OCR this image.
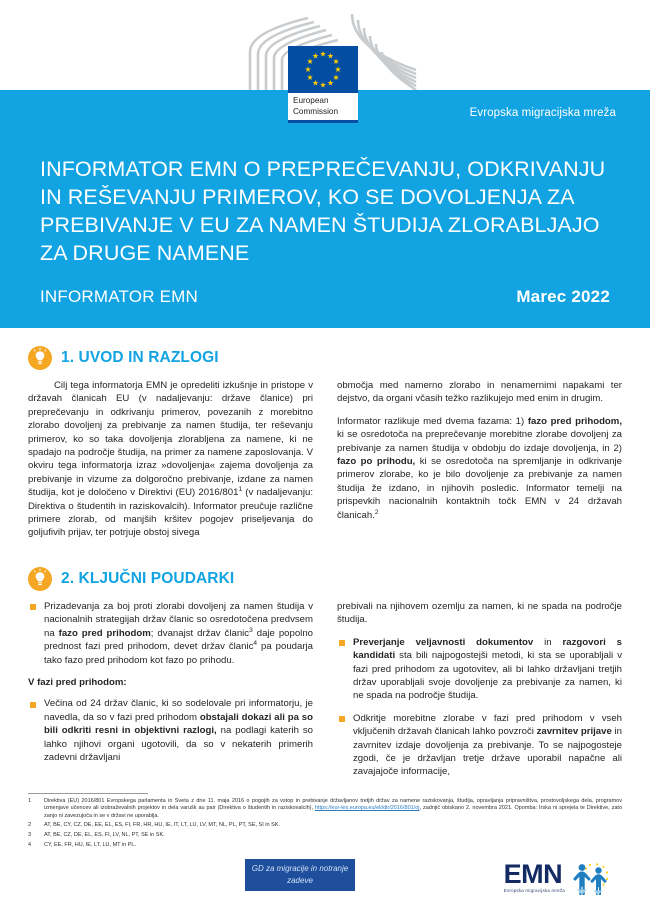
European
Commission	Evropska migracijska mreža
INFORMATOR EMN O PREPREČEVANJU, ODKRIVANJU IN REŠEVANJU PRIMEROV, KO SE DOVOLJENJA ZA PREBIVANJE V EU ZA NAMEN ŠTUDIJA ZLORABLJAJO ZA DRUGE NAMENE
INFORMATOR EMN	Marec 2022
1. UVOD IN RAZLOGI

Cilj tega informatorja EMN je opredeliti izkušnje in pristope v državah članicah EU (v nadaljevanju: države članice) pri preprečevanju in odkrivanju primerov, povezanih z morebitno zlorabo dovoljenj za prebivanje za namen študija, ter reševanju primerov, ko so taka dovoljenja zlorabljena za namene, ki ne spadajo na področje študija, na primer za namene zaposlovanja. V okviru tega informatorja izraz »dovoljenja« zajema dovoljenja za prebivanje in vizume za dolgoročno prebivanje, izdane za namen študija, kot je določeno v Direktivi (EU) $2016/801^1$ (v nadaljevanju: Direktiva o študentih in raziskovalcih). Informator preučuje različne primere zlorab, od manjših kršitev pogojev priseljevanja do goljufivih prijav, ter potrjuje obstoj sivega

območja med namerno zlorabo in nenamernimi napakami ter dejstvo, da organi včasih težko razlikujejo med enim in drugim.

Informator razlikuje med dvema fazama: 1) fazo pred prihodom, ki se osredotoča na preprečevanje morebitne zlorabe dovoljenj za prebivanje za namen študija v obdobju do izdaje dovoljenja, in 2) fazo po prihodu, ki se osredotoča na spremljanje in odkrivanje primerov zlorabe, ko je bilo dovoljenje za prebivanje za namen študija že izdano, in njihovih posledic. Informator temelji na prispevkih nacionalnih kontaktnih točk EMN v 24 državah članicah.$^2$

2. KLJUČNI POUDARKI
Prizadevanja za boj proti zlorabi dovoljenj za namen študija v nacionalnih strategijah držav članic so osredotočena predvsem na fazo pred prihodom; dvanajst držav članic$^3$ daje popolno prednost fazi pred prihodom, devet držav članic$^4$ pa poudarja tako fazo pred prihodom kot fazo po prihodu.

V fazi pred prihodom:

Večina od 24 držav članic, ki so sodelovale pri informatorju, je navedla, da so v fazi pred prihodom obstajali dokazi ali pa so bili odkriti resni in objektivni razlogi, na podlagi katerih so lahko njihovi organi ugotovili, da so v nekaterih primerih zadevni državljani

prebivali na njihovem ozemlju za namen, ki ne spada na področje študija.

Preverjanje veljavnosti dokumentov in razgovori s kandidati sta bili najpogostejši metodi, ki sta se uporabljali v fazi pred prihodom za ugotovitev, ali bi lahko državljani tretjih držav uporabljali svoje dovoljenje za prebivanje za namen, ki ne spada na področje študija.
Odkritje morebitne zlorabe v fazi pred prihodom v vseh vključenih državah članicah lahko povzroči zavrnitev prijave in zavrnitev izdaje dovoljenja za prebivanje. To se najpogosteje zgodi, če je državljan tretje države uporabil napačne ali zavajajoče informacije,
1	Direktiva (EU) 2016/801 Evropskega parlamenta in Sveta z dne 11. maja 2016 o pogojih za vstop in prebivanje državljanov tretjih držav za namene raziskovanja, študija, opravljanja pripravništva, prostovoljskega dela, programov izmenjave učencev ali izobraževalnih projektov in dela varušk au pair (Direktiva o študentih in raziskovalcih), https://eur-lex.europa.eu/eli/dir/2016/801/oj, zadnjič obiskano 2. novembra 2021. Opomba: Irska ni sprejela te Direktive, zato zanjo ni zavezujoča in se v državi ne uporablja.
2	AT, BE, CY, CZ, DE, EE, EL, ES, FI, FR, HR, HU, IE, IT, LT, LU, LV, MT, NL, PL, PT, SE, SI in SK.
3	AT, BE, CZ, DE, EL, ES, FI, LV, NL, PT, SE in SK.
4	CY, EE, FR, HU, IE, LT, LU, MT in PL.
GD za migracije in notranje zadeve	EMN
Evropska migracijska mreža
